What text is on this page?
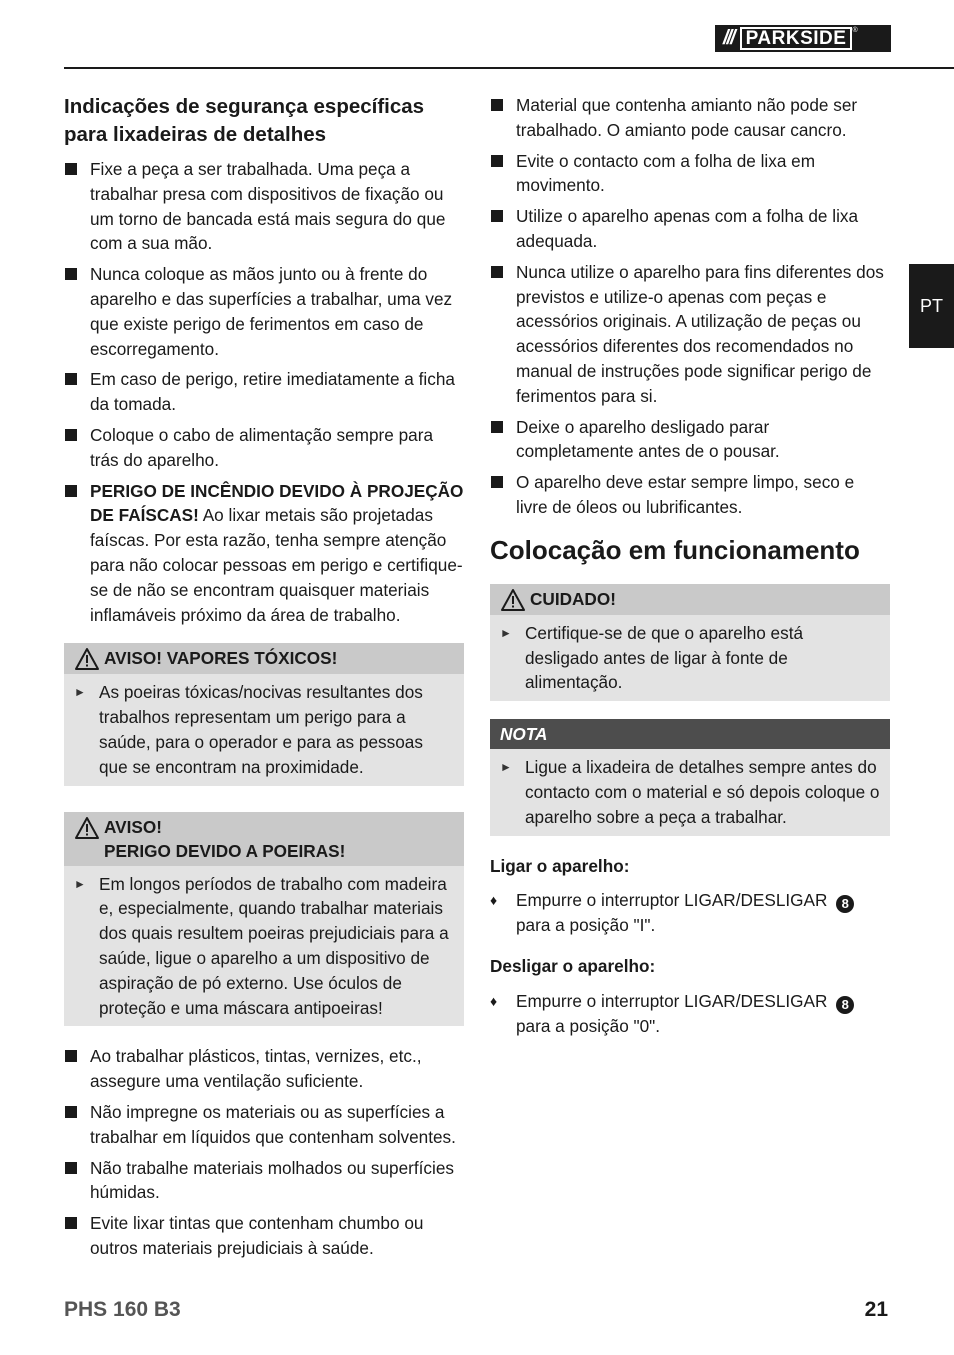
/// PARKSIDE ®
PT
Indicações de segurança específicas para lixadeiras de detalhes
Fixe a peça a ser trabalhada. Uma peça a trabalhar presa com dispositivos de fixação ou um torno de bancada está mais segura do que com a sua mão.
Nunca coloque as mãos junto ou à frente do aparelho e das superfícies a trabalhar, uma vez que existe perigo de ferimentos em caso de escorregamento.
Em caso de perigo, retire imediatamente a ficha da tomada.
Coloque o cabo de alimentação sempre para trás do aparelho.
PERIGO DE INCÊNDIO DEVIDO À PROJEÇÃO DE FAÍSCAS! Ao lixar metais são projetadas faíscas. Por esta razão, tenha sempre atenção para não colocar pessoas em perigo e certifique-se de não se encontram quaisquer materiais inflamáveis próximo da área de trabalho.
AVISO! VAPORES TÓXICOS!
► As poeiras tóxicas/nocivas resultantes dos trabalhos representam um perigo para a saúde, para o operador e para as pessoas que se encontram na proximidade.
AVISO!
PERIGO DEVIDO A POEIRAS!
► Em longos períodos de trabalho com madeira e, especialmente, quando trabalhar materiais dos quais resultem poeiras prejudiciais para a saúde, ligue o aparelho a um dispositivo de aspiração de pó externo. Use óculos de proteção e uma máscara antipoeiras!
Ao trabalhar plásticos, tintas, vernizes, etc., assegure uma ventilação suficiente.
Não impregne os materiais ou as superfícies a trabalhar em líquidos que contenham solventes.
Não trabalhe materiais molhados ou superfícies húmidas.
Evite lixar tintas que contenham chumbo ou outros materiais prejudiciais à saúde.
Material que contenha amianto não pode ser trabalhado. O amianto pode causar cancro.
Evite o contacto com a folha de lixa em movimento.
Utilize o aparelho apenas com a folha de lixa adequada.
Nunca utilize o aparelho para fins diferentes dos previstos e utilize-o apenas com peças e acessórios originais. A utilização de peças ou acessórios diferentes dos recomendados no manual de instruções pode significar perigo de ferimentos para si.
Deixe o aparelho desligado parar completamente antes de o pousar.
O aparelho deve estar sempre limpo, seco e livre de óleos ou lubrificantes.
Colocação em funcionamento
CUIDADO!
► Certifique-se de que o aparelho está desligado antes de ligar à fonte de alimentação.
NOTA
► Ligue a lixadeira de detalhes sempre antes do contacto com o material e só depois coloque o aparelho sobre a peça a trabalhar.
Ligar o aparelho:
♦ Empurre o interruptor LIGAR/DESLIGAR 8
para a posição "I".
Desligar o aparelho:
♦ Empurre o interruptor LIGAR/DESLIGAR 8
para a posição "0".
PHS 160 B3	21
